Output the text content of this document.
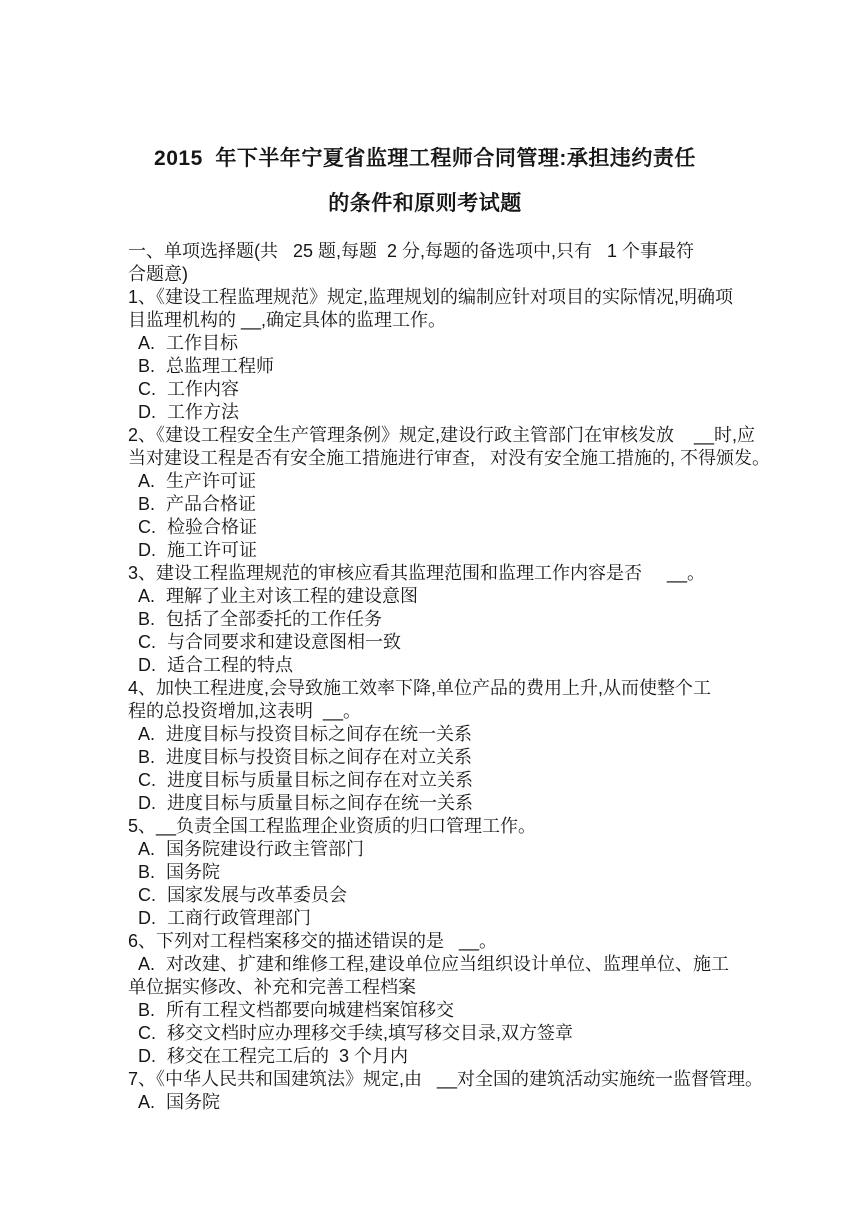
2015  年下半年宁夏省监理工程师合同管理:承担违约责任
的条件和原则考试题
一、单项选择题(共   25 题,每题  2 分,每题的备选项中,只有   1 个事最符
合题意)
1、《建设工程监理规范》规定,监理规划的编制应针对项目的实际情况,明确项
目监理机构的 __,确定具体的监理工作。
A. 工作目标
B. 总监理工程师
C. 工作内容
D. 工作方法
2、《建设工程安全生产管理条例》规定,建设行政主管部门在审核发放    __时,应
当对建设工程是否有安全施工措施进行审查,   对没有安全施工措施的, 不得颁发。
A. 生产许可证
B. 产品合格证
C. 检验合格证
D. 施工许可证
3、建设工程监理规范的审核应看其监理范围和监理工作内容是否     __。
A. 理解了业主对该工程的建设意图
B. 包括了全部委托的工作任务
C. 与合同要求和建设意图相一致
D. 适合工程的特点
4、加快工程进度,会导致施工效率下降,单位产品的费用上升,从而使整个工
程的总投资增加,这表明  __。
A. 进度目标与投资目标之间存在统一关系
B. 进度目标与投资目标之间存在对立关系
C. 进度目标与质量目标之间存在对立关系
D. 进度目标与质量目标之间存在统一关系
5、__负责全国工程监理企业资质的归口管理工作。
A. 国务院建设行政主管部门
B. 国务院
C. 国家发展与改革委员会
D. 工商行政管理部门
6、下列对工程档案移交的描述错误的是   __。
A. 对改建、扩建和维修工程,建设单位应当组织设计单位、监理单位、施工单位据实修改、补充和完善工程档案
B. 所有工程文档都要向城建档案馆移交
C. 移交文档时应办理移交手续,填写移交目录,双方签章
D. 移交在工程完工后的  3 个月内
7、《中华人民共和国建筑法》规定,由   __对全国的建筑活动实施统一监督管理。
A. 国务院
